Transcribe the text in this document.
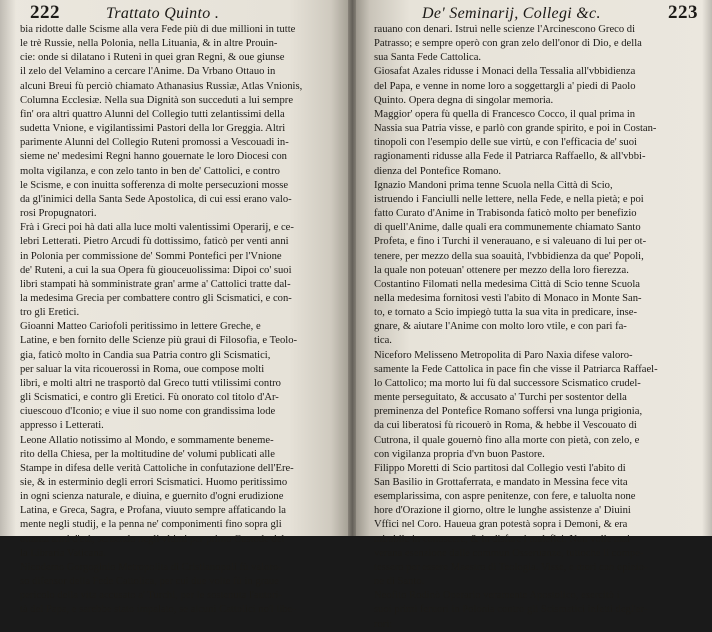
222	Trattato Quinto .
bia ridotte dalle Scisme alla vera Fede più di due millioni in tutte
le trè Russie, nella Polonia, nella Lituania, & in altre Prouin-
cie: onde si dilatano i Ruteni in quei gran Regni, & oue giunse
il zelo del Velamino a cercare l'Anime. Da Vrbano Ottauo in
alcuni Breui fù perciò chiamato Athanasius Russiæ, Atlas Vnionis,
Columna Ecclesiæ. Nella sua Dignità son succeduti a lui sempre
fin' ora altri quattro Alunni del Collegio tutti zelantissimi della
sudetta Vnione, e vigilantissimi Pastori della lor Greggia. Altri
parimente Alunni del Collegio Ruteni promossi a Vescouadi in-
sieme ne' medesimi Regni hanno gouernate le loro Diocesi con
molta vigilanza, e con zelo tanto in ben de' Cattolici, e contro
le Scisme, e con inuitta sofferenza di molte persecuzioni mosse
da gl'inimici della Santa Sede Apostolica, di cui essi erano valo-
rosi Propugnatori.
Frà i Greci poi hà dati alla luce molti valentissimi Operarij, e ce-
lebri Letterati. Pietro Arcudi fù dottissimo, faticò per venti anni
in Polonia per commissione de' Sommi Pontefici per l'Vnione
de' Ruteni, a cui la sua Opera fù giouceuolissima: Dipoi co' suoi
libri stampati hà somministrate gran' arme a' Cattolici tratte dal-
la medesima Grecia per combattere contro gli Scismatici, e con-
tro gli Eretici.
Gioanni Matteo Cariofoli peritissimo in lettere Greche, e
Latine, e ben fornito delle Scienze più graui di Filosofia, e Teolo-
gia, faticò molto in Candia sua Patria contro gli Scismatici,
per saluar la vita ricouerossi in Roma, oue compose molti
libri, e molti altri ne trasportò dal Greco tutti vtilissimi contro
gli Scismatici, e contro gli Eretici. Fù onorato col titolo d'Ar-
ciuescouo d'Iconio; e viue il suo nome con grandissima lode
appresso i Letterati.
Leone Allatio notissimo al Mondo, e sommamente beneme-
rito della Chiesa, per la moltitudine de' volumi publicati alle
Stampe in difesa delle verità Cattoliche in confutazione dell'Ere-
sie, & in esterminio degli errori Scismatici. Huomo peritissimo
in ogni scienza naturale, e diuina, e guernito d'ogni erudizione
Latina, e Greca, Sagra, e Profana, viuuto sempre affaticando la
mente negli studij, e la penna ne' componimenti fino sopra gli
ottanta anni d'età, seruendo negli vltimi per primo Custode del-
la Libraria Vaticana.
Nicodemo Gorgoginio Metropolita di Cristianopoli fù valoro-
so difensor della Fede Cattolica, per cui due volte fù in graue
pericolo della vita accusato a' Turchi, per le sostenuta l'autori-
tà del Papa, e sarebbe stato impalato, se alcuni Cattolici no'l libe-
De' Seminarij, Collegi &c.	223
rauano con denari. Istruì nelle scienze l'Arcinescono Greco di
Patrasso; e sempre operò con gran zelo dell'onor di Dio, e della
sua Santa Fede Cattolica.
Giosafat Azales ridusse i Monaci della Tessalia all'vbbidienza
del Papa, e venne in nome loro a soggettargli a' piedi di Paolo
Quinto. Opera degna di singolar memoria.
Maggior' opera fù quella di Francesco Cocco, il qual prima in
Nassia sua Patria visse, e parlò con grande spirito, e poi in Costan-
tinopoli con l'esempio delle sue virtù, e con l'efficacia de' suoi
ragionamenti ridusse alla Fede il Patriarca Raffaello, & all'vbbi-
dienza del Pontefice Romano.
Ignazio Mandoni prima tenne Scuola nella Città di Scio,
istruendo i Fanciulli nelle lettere, nella Fede, e nella pietà; e poi
fatto Curato d'Anime in Trabisonda faticò molto per benefizio
di quell'Anime, dalle quali era communemente chiamato Santo
Profeta, e fino i Turchi il venerauano, e si valeuano di lui per ot-
tenere, per mezzo della sua soauità, l'vbbidienza da que' Popoli,
la quale non poteuan' ottenere per mezzo della loro fierezza.
Costantino Filomati nella medesima Città di Scio tenne Scuola
nella medesima fornitosi vestì l'abito di Monaco in Monte San-
to, e tornato a Scio impiegò tutta la sua vita in predicare, inse-
gnare, & aiutare l'Anime con molto loro vtile, e con pari fa-
tica.
Niceforo Melisseno Metropolita di Paro Naxia difese valoro-
samente la Fede Cattolica in pace fin che visse il Patriarca Raffael-
lo Cattolico; ma morto lui fù dal successore Scismatico crudel-
mente perseguitato, & accusato a' Turchi per sostentor della
preminenza del Pontefice Romano soffersi vna lunga prigionia,
da cui liberatosi fù ricouerò in Roma, & hebbe il Vescouato di
Cutrona, il quale gouernò fino alla morte con pietà, con zelo, e
con vigilanza propria d'vn buon Pastore.
Filippo Moretti di Scio partitosi dal Collegio vestì l'abito di
San Basilio in Grottaferrata, e mandato in Messina fece vita
esemplarissima, con aspre penitenze, con fere, e taluolta none
hore d'Orazione il giorno, oltre le lunghe assistenze a' Diuini
Vffici nel Coro. Haueua gran potestà sopra i Demoni, & era
mirabile in conoscere, & in disfare i malefici. Non volle mai
verana esenzione dalle commun Osseruanze, tuttoche li compe-
tessero per essere Maestro di Teologia. Visse, e morì con opinio-
ne di Santo.
Neofito Rodinò Operario veramente Apostolico, esercitò i
suoi primi feruori in Polonia contro gli Scismatici infetti degl'er-
rori:
